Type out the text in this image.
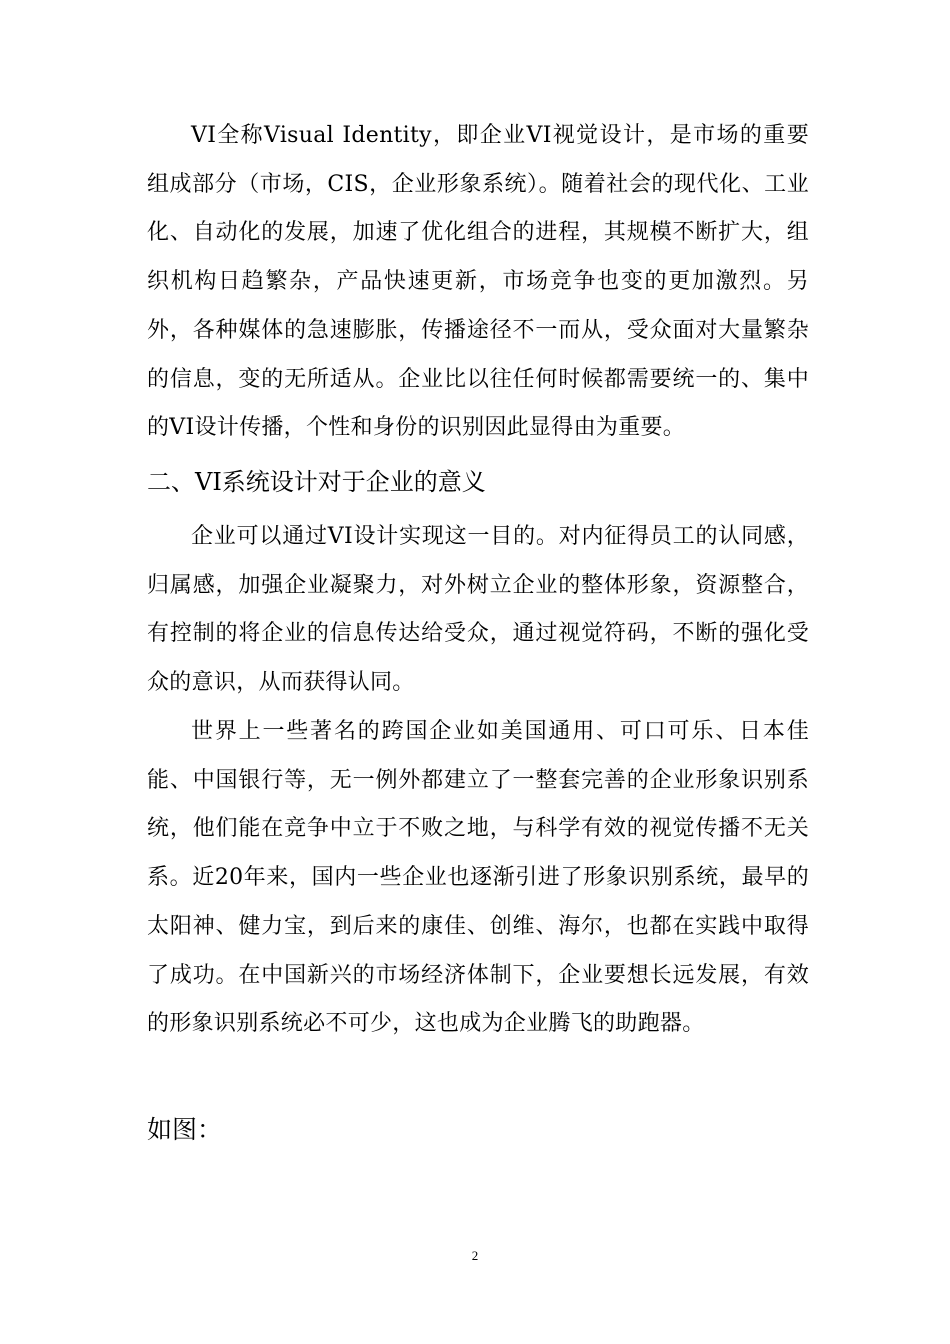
VI全称Visual Identity，即企业VI视觉设计，是市场的重要组成部分（市场，CIS，企业形象系统）。随着社会的现代化、工业化、自动化的发展，加速了优化组合的进程，其规模不断扩大，组织机构日趋繁杂，产品快速更新，市场竞争也变的更加激烈。另外，各种媒体的急速膨胀，传播途径不一而从，受众面对大量繁杂的信息，变的无所适从。企业比以往任何时候都需要统一的、集中的VI设计传播，个性和身份的识别因此显得由为重要。

二、VI系统设计对于企业的意义

企业可以通过VI设计实现这一目的。对内征得员工的认同感，归属感，加强企业凝聚力，对外树立企业的整体形象，资源整合，有控制的将企业的信息传达给受众，通过视觉符码，不断的强化受众的意识，从而获得认同。

世界上一些著名的跨国企业如美国通用、可口可乐、日本佳能、中国银行等，无一例外都建立了一整套完善的企业形象识别系统，他们能在竞争中立于不败之地，与科学有效的视觉传播不无关系。近20年来，国内一些企业也逐渐引进了形象识别系统，最早的太阳神、健力宝，到后来的康佳、创维、海尔，也都在实践中取得了成功。在中国新兴的市场经济体制下，企业要想长远发展，有效的形象识别系统必不可少，这也成为企业腾飞的助跑器。

如图：

2
